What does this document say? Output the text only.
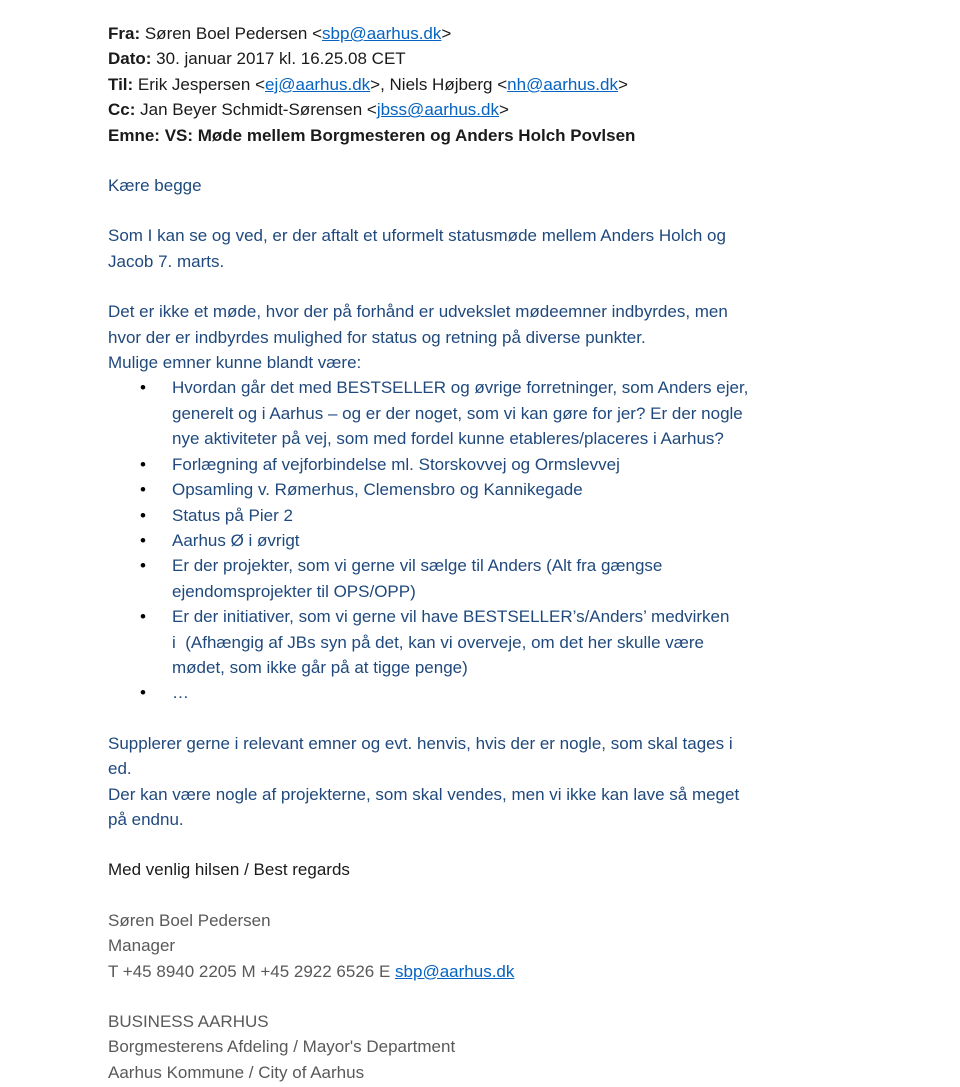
Fra: Søren Boel Pedersen <sbp@aarhus.dk>
Dato: 30. januar 2017 kl. 16.25.08 CET
Til: Erik Jespersen <ej@aarhus.dk>, Niels Højberg <nh@aarhus.dk>
Cc: Jan Beyer Schmidt-Sørensen <jbss@aarhus.dk>
Emne: VS: Møde mellem Borgmesteren og Anders Holch Povlsen
Kære begge
Som I kan se og ved, er der aftalt et uformelt statusmøde mellem Anders Holch og
Jacob 7. marts.
Det er ikke et møde, hvor der på forhånd er udvekslet mødeemner indbyrdes, men
hvor der er indbyrdes mulighed for status og retning på diverse punkter.
Mulige emner kunne blandt være:
• Hvordan går det med BESTSELLER og øvrige forretninger, som Anders ejer,
generelt og i Aarhus – og er der noget, som vi kan gøre for jer? Er der nogle
nye aktiviteter på vej, som med fordel kunne etableres/placeres i Aarhus?
• Forlægning af vejforbindelse ml. Storskovvej og Ormslevvej
• Opsamling v. Rømerhus, Clemensbro og Kannikegade
• Status på Pier 2
• Aarhus Ø i øvrigt
• Er der projekter, som vi gerne vil sælge til Anders (Alt fra gængse
ejendomsprojekter til OPS/OPP)
• Er der initiativer, som vi gerne vil have BESTSELLER’s/Anders’ medvirken
i  (Afhængig af JBs syn på det, kan vi overveje, om det her skulle være
mødet, som ikke går på at tigge penge)
• …
Supplerer gerne i relevant emner og evt. henvis, hvis der er nogle, som skal tages i
ed.
Der kan være nogle af projekterne, som skal vendes, men vi ikke kan lave så meget
på endnu.
Med venlig hilsen / Best regards
Søren Boel Pedersen
Manager
T +45 8940 2205 M +45 2922 6526 E sbp@aarhus.dk
BUSINESS AARHUS
Borgmesterens Afdeling / Mayor's Department
Aarhus Kommune / City of Aarhus
